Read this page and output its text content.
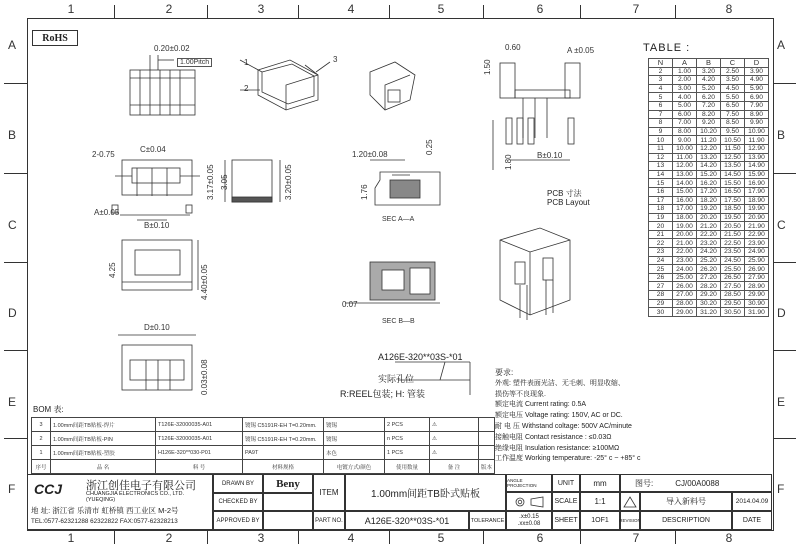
1	2	3	4	5	6	7	8
1	2	3	4	5	6	7	8
A
B
C
D
E
F
A
B
C
D
E
F
RoHS
0.20±0.02
1.00Pitch
C±0.04
2-0.75
A±0.05
B±0.10
3.17±0.05 3.05	3.20±0.05
4.25	4.40±0.05
D±0.10
0.03±0.08
1
2
3
1.20±0.08	0.25
1.76
SEC A—A
0.07
SEC B—B
0.60
1.50
A ±0.05
B±0.10
1.80
PCB 寸法
PCB Layout
A126E-320**03S-*01
实际孔位
R:REEL包装; H: 管装
TABLE :
N	A	B	C	D
2	1.00	3.20	2.50	3.90
3	2.00	4.20	3.50	4.90
4	3.00	5.20	4.50	5.90
5	4.00	6.20	5.50	6.90
6	5.00	7.20	6.50	7.90
7	6.00	8.20	7.50	8.90
8	7.00	9.20	8.50	9.90
9	8.00	10.20	9.50	10.90
10	9.00	11.20	10.50	11.90
11	10.00	12.20	11.50	12.90
12	11.00	13.20	12.50	13.90
13	12.00	14.20	13.50	14.90
14	13.00	15.20	14.50	15.90
15	14.00	16.20	15.50	16.90
16	15.00	17.20	16.50	17.90
17	16.00	18.20	17.50	18.90
18	17.00	19.20	18.50	19.90
19	18.00	20.20	19.50	20.90
20	19.00	21.20	20.50	21.90
21	20.00	22.20	21.50	22.90
22	21.00	23.20	22.50	23.90
23	22.00	24.20	23.50	24.90
24	23.00	25.20	24.50	25.90
25	24.00	26.20	25.50	26.90
26	25.00	27.20	26.50	27.90
27	26.00	28.20	27.50	28.90
28	27.00	29.20	28.50	29.90
29	28.00	30.20	29.50	30.90
30	29.00	31.20	30.50	31.90
要求:
外观: 塑件表面光洁、无毛刺、明显收缩、
损伤等不良现象.
额定电流 Current rating: 0.5A
额定电压 Voltage rating: 150V, AC or DC.
耐 电 压 Withstand coltage: 500V AC/minute
接触电阻 Contact resistance : ≤0.03Ω
绝缘电阻 Insulation resistance: ≥100MΩ
工作温度 Working temperature: -25° c ~ +85° c
BOM 表:
3	1.00mm间距TB贴板-焊片	T126E-32000035-A01	镀锡 C5191R-EH T=0.20mm.	镀锡	2 PCS	⚠	
2	1.00mm间距TB贴板-PIN	T126E-32000035-A01	镀锡 C5191R-EH T=0.20mm.	镀锡	n PCS	⚠	
1	1.00mm间距TB贴板-塑胶	H126E-320**030-P01	PA9T	本色	1 PCS	⚠	
序号	品 名	料 号	材料规格	电镀方式/颜色	使用数量	备 注	版本
CCJ 浙江创佳电子有限公司
CHUANGJIA ELECTRONICS CO., LTD.(YUEQING)
地 址: 浙江省 乐清市 虹桥镇 西工业区 M-2号
TEL:0577-62321288 62322822 FAX:0577-62328213
DRAWN BY	Beny
CHECKED BY
APPROVED BY
ITEM	1.00mm间距TB卧式贴板
PART NO.	A126E-320**03S-*01	TOLERANCE
ANGLE PROJECTION
.x±0.15
.xx±0.08
UNIT	mm
SCALE	1:1
SHEET	1OF1
图号:	CJ/00A0088
导入新料号	2014.04.09
REVISION	DESCRIPTION	DATE
